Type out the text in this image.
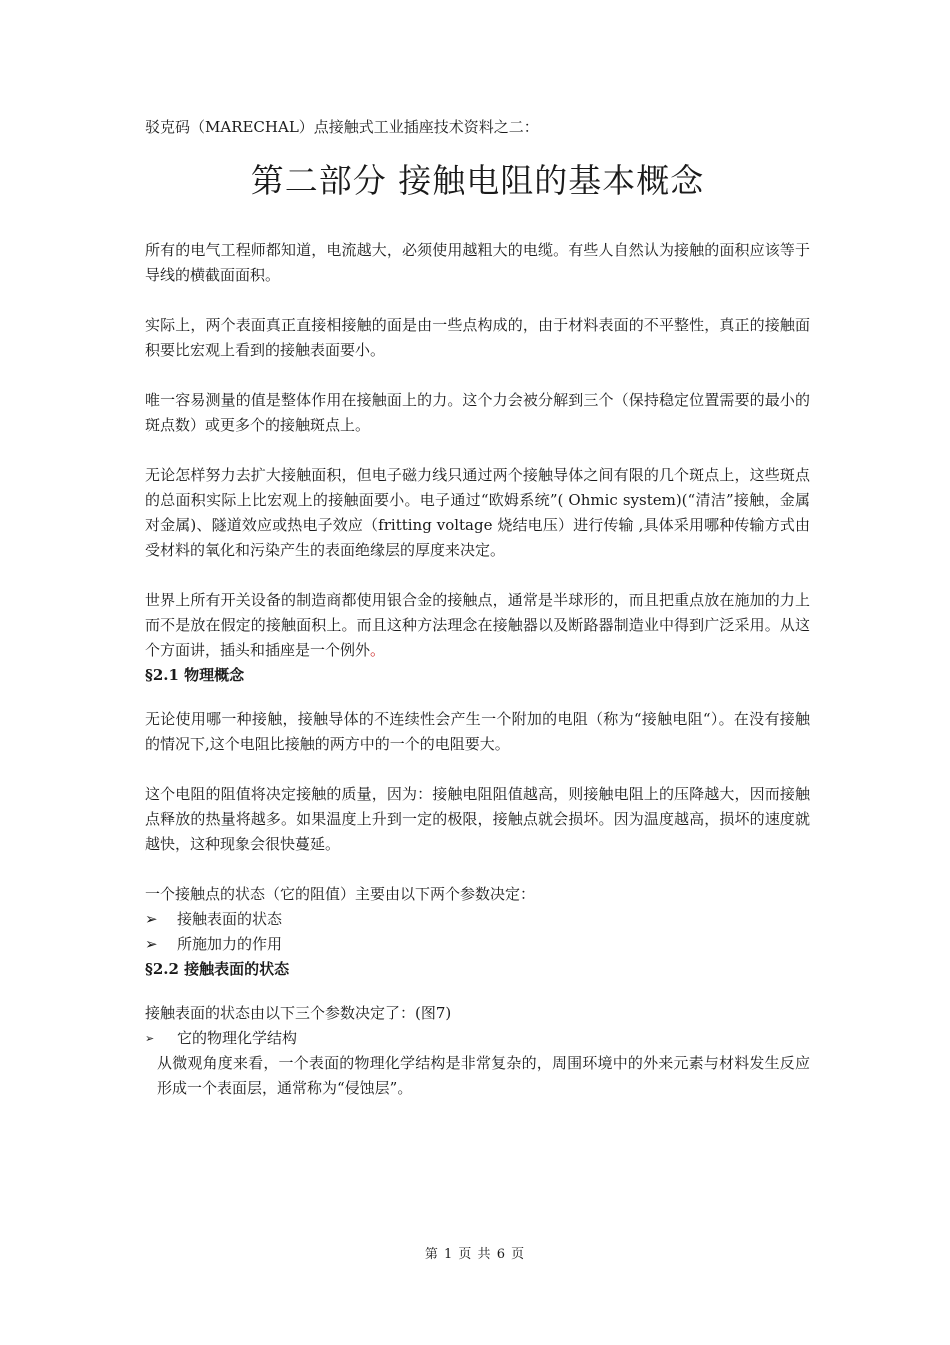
驳克码（MARECHAL）点接触式工业插座技术资料之二：

第二部分 接触电阻的基本概念

所有的电气工程师都知道，电流越大，必须使用越粗大的电缆。有些人自然认为接触的面积应该等于导线的横截面面积。

实际上，两个表面真正直接相接触的面是由一些点构成的，由于材料表面的不平整性，真正的接触面积要比宏观上看到的接触表面要小。

唯一容易测量的值是整体作用在接触面上的力。这个力会被分解到三个（保持稳定位置需要的最小的斑点数）或更多个的接触斑点上。

无论怎样努力去扩大接触面积，但电子磁力线只通过两个接触导体之间有限的几个斑点上，这些斑点的总面积实际上比宏观上的接触面要小。电子通过“欧姆系统”( Ohmic system)(“清洁”接触，金属对金属)、隧道效应或热电子效应（fritting voltage 烧结电压）进行传输 ,具体采用哪种传输方式由受材料的氧化和污染产生的表面绝缘层的厚度来决定。

世界上所有开关设备的制造商都使用银合金的接触点，通常是半球形的，而且把重点放在施加的力上而不是放在假定的接触面积上。而且这种方法理念在接触器以及断路器制造业中得到广泛采用。从这个方面讲，插头和插座是一个例外。

§2.1 物理概念

无论使用哪一种接触，接触导体的不连续性会产生一个附加的电阻（称为“接触电阻“）。在没有接触的情况下,这个电阻比接触的两方中的一个的电阻要大。

这个电阻的阻值将决定接触的质量，因为：接触电阻阻值越高，则接触电阻上的压降越大，因而接触点释放的热量将越多。如果温度上升到一定的极限，接触点就会损坏。因为温度越高，损坏的速度就越快，这种现象会很快蔓延。

一个接触点的状态（它的阻值）主要由以下两个参数决定：

➢	接触表面的状态
➢	所施加力的作用

§2.2 接触表面的状态

接触表面的状态由以下三个参数决定了：(图7)

➢	它的物理化学结构

从微观角度来看，一个表面的物理化学结构是非常复杂的，周围环境中的外来元素与材料发生反应形成一个表面层，通常称为“侵蚀层”。

第 1 页 共 6 页
